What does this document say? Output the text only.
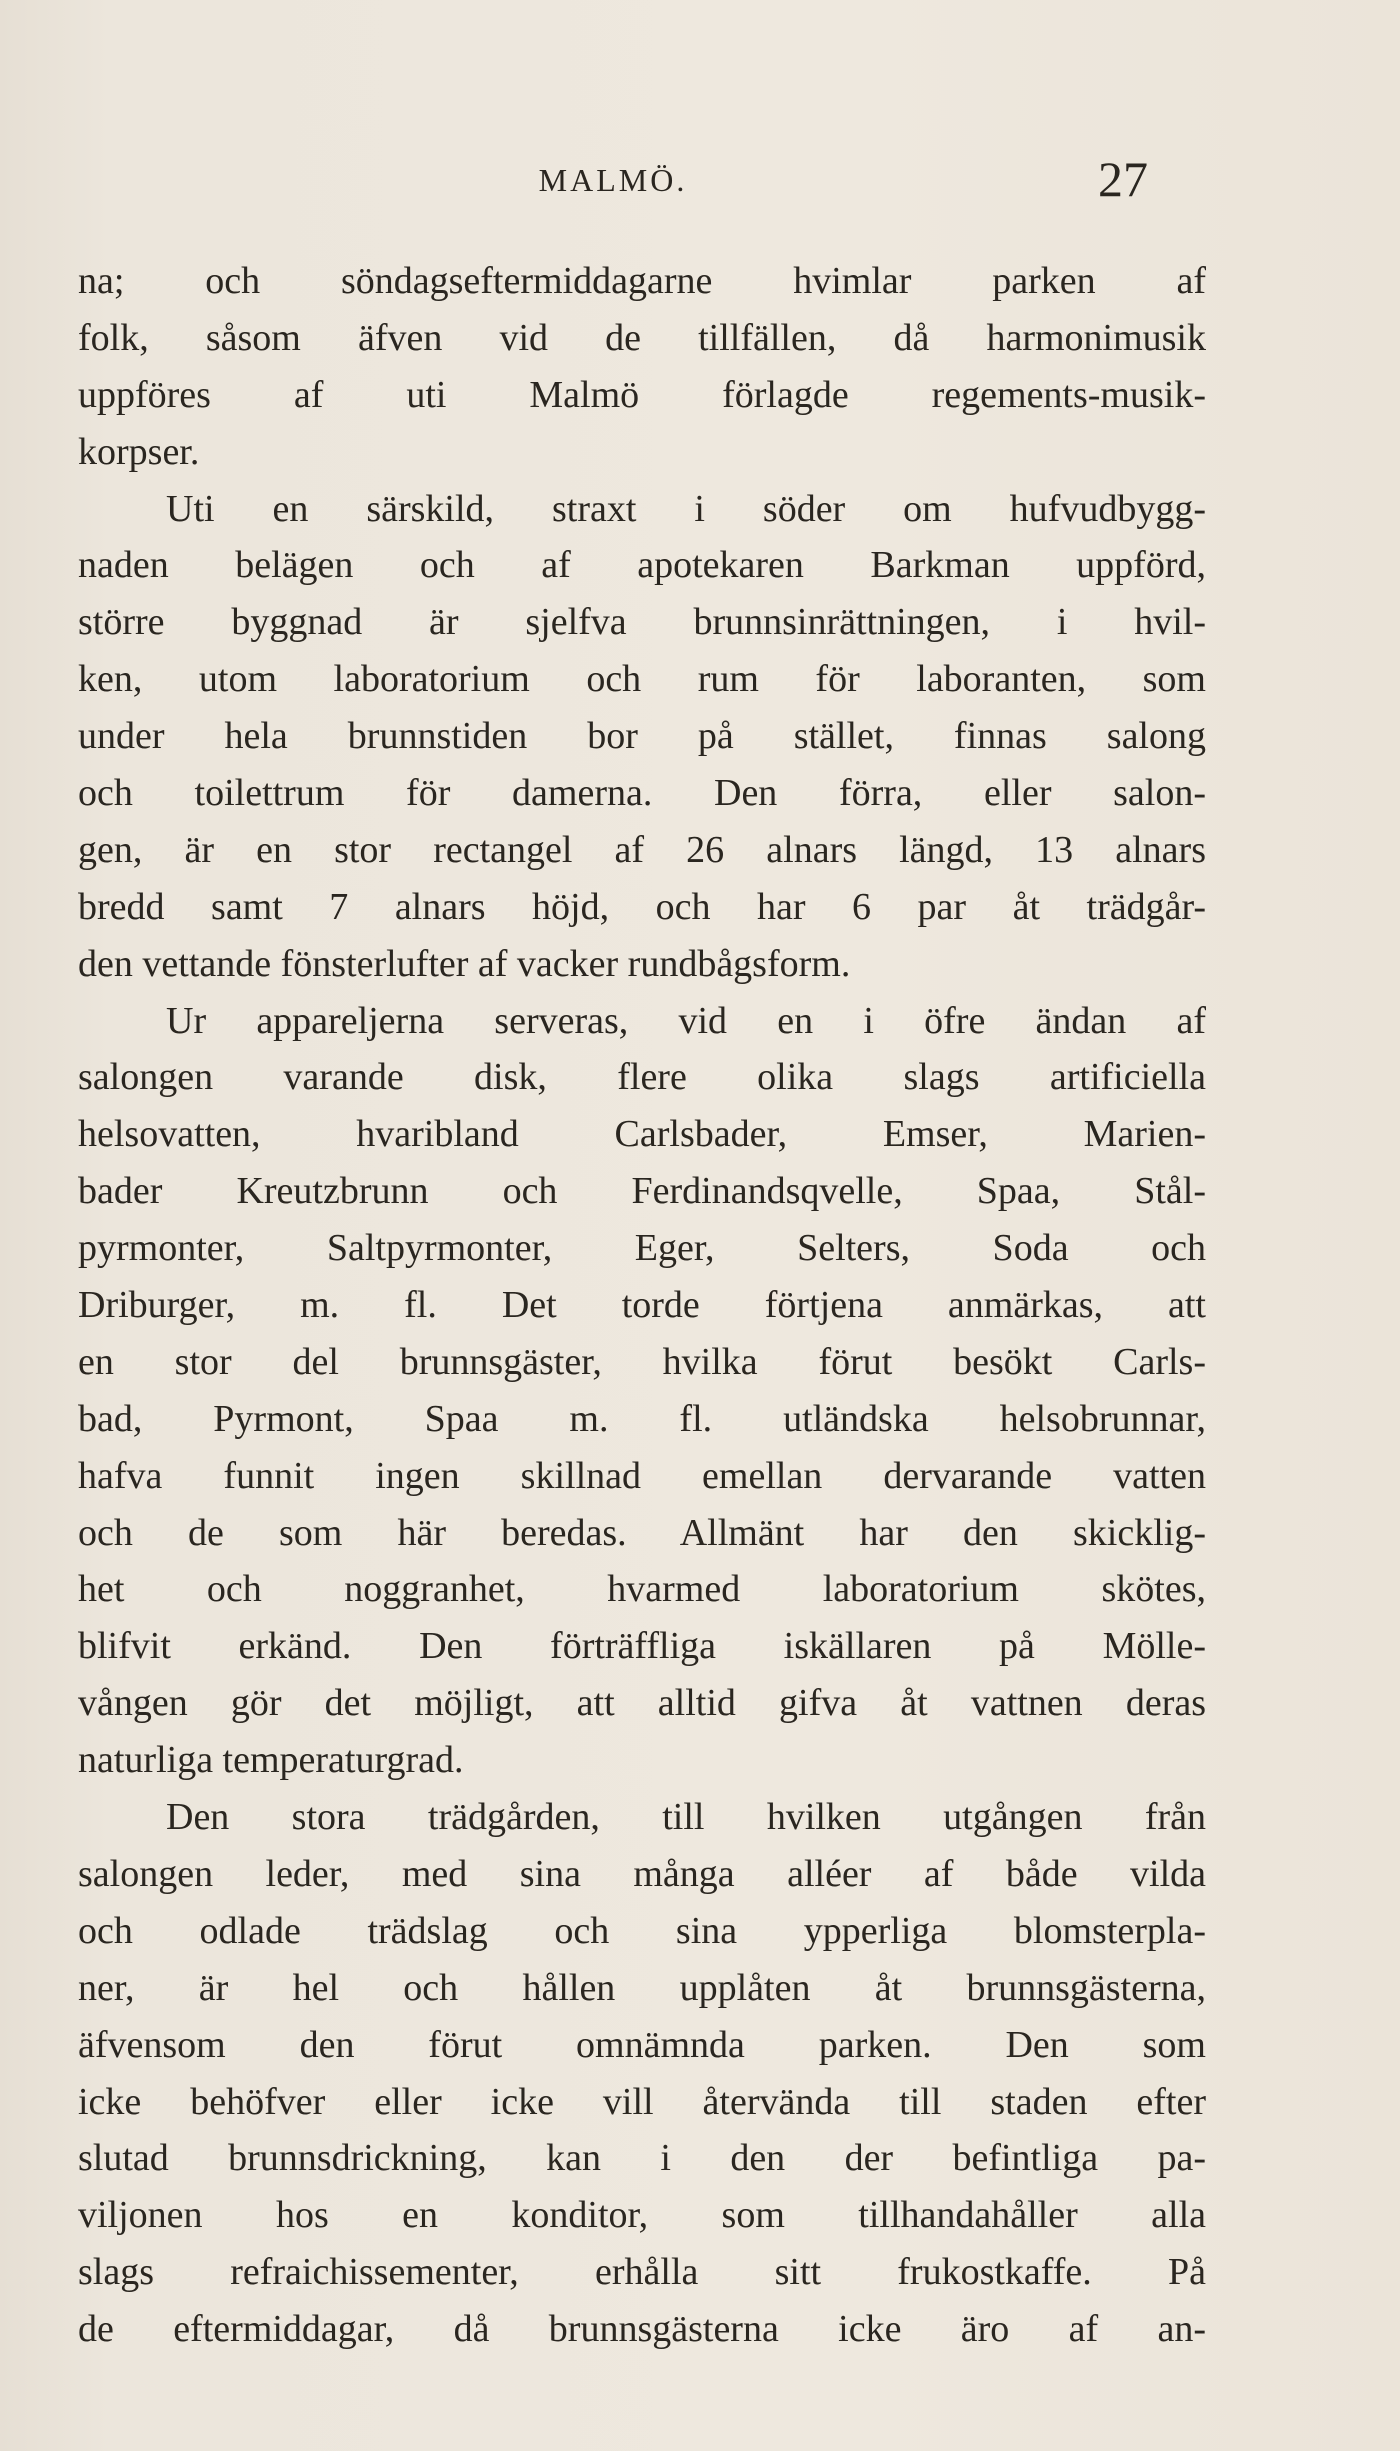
MALMÖ.	27
na; och söndagseftermiddagarne hvimlar parken af
folk, såsom äfven vid de tillfällen, då harmonimusik
uppföres af uti Malmö förlagde regements-musik-
korpser.
Uti en särskild, straxt i söder om hufvudbygg-
naden belägen och af apotekaren Barkman uppförd,
större byggnad är sjelfva brunnsinrättningen, i hvil-
ken, utom laboratorium och rum för laboranten, som
under hela brunnstiden bor på stället, finnas salong
och toilettrum för damerna. Den förra, eller salon-
gen, är en stor rectangel af 26 alnars längd, 13 alnars
bredd samt 7 alnars höjd, och har 6 par åt trädgår-
den vettande fönsterlufter af vacker rundbågsform.
Ur appareljerna serveras, vid en i öfre ändan af
salongen varande disk, flere olika slags artificiella
helsovatten, hvaribland Carlsbader, Emser, Marien-
bader Kreutzbrunn och Ferdinandsqvelle, Spaa, Stål-
pyrmonter, Saltpyrmonter, Eger, Selters, Soda och
Driburger, m. fl. Det torde förtjena anmärkas, att
en stor del brunnsgäster, hvilka förut besökt Carls-
bad, Pyrmont, Spaa m. fl. utländska helsobrunnar,
hafva funnit ingen skillnad emellan dervarande vatten
och de som här beredas. Allmänt har den skicklig-
het och noggranhet, hvarmed laboratorium skötes,
blifvit erkänd. Den förträffliga iskällaren på Mölle-
vången gör det möjligt, att alltid gifva åt vattnen deras
naturliga temperaturgrad.
Den stora trädgården, till hvilken utgången från
salongen leder, med sina många alléer af både vilda
och odlade trädslag och sina ypperliga blomsterpla-
ner, är hel och hållen upplåten åt brunnsgästerna,
äfvensom den förut omnämnda parken. Den som
icke behöfver eller icke vill återvända till staden efter
slutad brunnsdrickning, kan i den der befintliga pa-
viljonen hos en konditor, som tillhandahåller alla
slags refraichissementer, erhålla sitt frukostkaffe. På
de eftermiddagar, då brunnsgästerna icke äro af an-
